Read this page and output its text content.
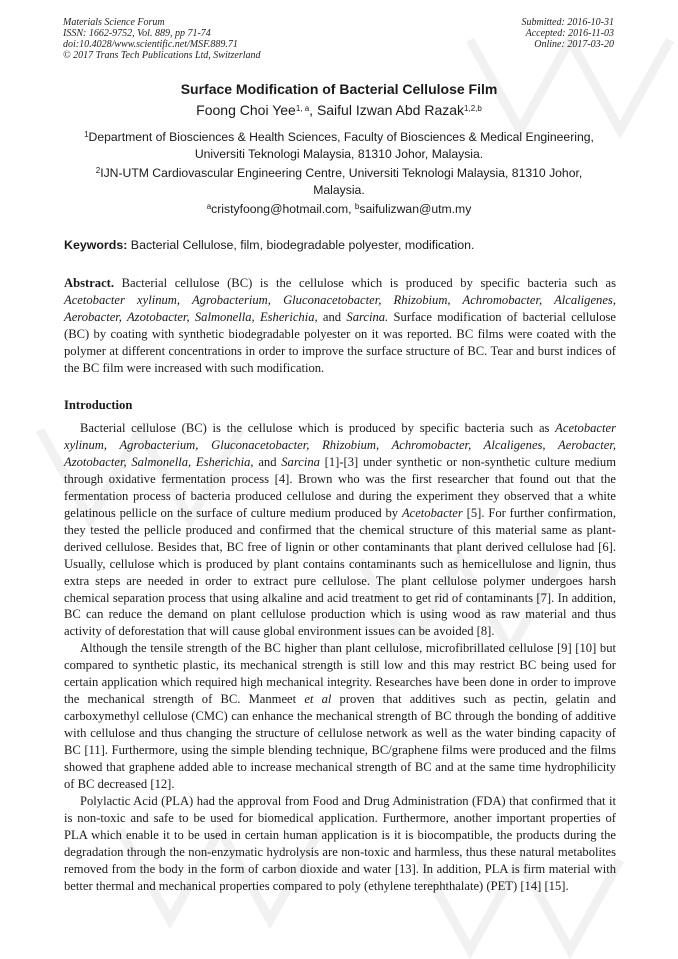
Materials Science Forum
ISSN: 1662-9752, Vol. 889, pp 71-74
doi:10.4028/www.scientific.net/MSF.889.71
© 2017 Trans Tech Publications Ltd, Switzerland
Submitted: 2016-10-31
Accepted: 2016-11-03
Online: 2017-03-20
Surface Modification of Bacterial Cellulose Film
Foong Choi Yee$^{1, a}$, Saiful Izwan Abd Razak$^{1,2,b}$
$^1$Department of Biosciences & Health Sciences, Faculty of Biosciences & Medical Engineering, Universiti Teknologi Malaysia, 81310 Johor, Malaysia.
$^2$IJN-UTM Cardiovascular Engineering Centre, Universiti Teknologi Malaysia, 81310 Johor, Malaysia.
$^a$cristyfoong@hotmail.com, $^b$saifulizwan@utm.my
Keywords: Bacterial Cellulose, film, biodegradable polyester, modification.
Abstract. Bacterial cellulose (BC) is the cellulose which is produced by specific bacteria such as Acetobacter xylinum, Agrobacterium, Gluconacetobacter, Rhizobium, Achromobacter, Alcaligenes, Aerobacter, Azotobacter, Salmonella, Esherichia, and Sarcina. Surface modification of bacterial cellulose (BC) by coating with synthetic biodegradable polyester on it was reported. BC films were coated with the polymer at different concentrations in order to improve the surface structure of BC. Tear and burst indices of the BC film were increased with such modification.
Introduction

Bacterial cellulose (BC) is the cellulose which is produced by specific bacteria such as Acetobacter xylinum, Agrobacterium, Gluconacetobacter, Rhizobium, Achromobacter, Alcaligenes, Aerobacter, Azotobacter, Salmonella, Esherichia, and Sarcina [1]-[3] under synthetic or non-synthetic culture medium through oxidative fermentation process [4]. Brown who was the first researcher that found out that the fermentation process of bacteria produced cellulose and during the experiment they observed that a white gelatinous pellicle on the surface of culture medium produced by Acetobacter [5]. For further confirmation, they tested the pellicle produced and confirmed that the chemical structure of this material same as plant- derived cellulose. Besides that, BC free of lignin or other contaminants that plant derived cellulose had [6]. Usually, cellulose which is produced by plant contains contaminants such as hemicellulose and lignin, thus extra steps are needed in order to extract pure cellulose. The plant cellulose polymer undergoes harsh chemical separation process that using alkaline and acid treatment to get rid of contaminants [7]. In addition, BC can reduce the demand on plant cellulose production which is using wood as raw material and thus activity of deforestation that will cause global environment issues can be avoided [8].

Although the tensile strength of the BC higher than plant cellulose, microfibrillated cellulose [9] [10] but compared to synthetic plastic, its mechanical strength is still low and this may restrict BC being used for certain application which required high mechanical integrity. Researches have been done in order to improve the mechanical strength of BC. Manmeet et al proven that additives such as pectin, gelatin and carboxymethyl cellulose (CMC) can enhance the mechanical strength of BC through the bonding of additive with cellulose and thus changing the structure of cellulose network as well as the water binding capacity of BC [11]. Furthermore, using the simple blending technique, BC/graphene films were produced and the films showed that graphene added able to increase mechanical strength of BC and at the same time hydrophilicity of BC decreased [12].

Polylactic Acid (PLA) had the approval from Food and Drug Administration (FDA) that confirmed that it is non-toxic and safe to be used for biomedical application. Furthermore, another important properties of PLA which enable it to be used in certain human application is it is biocompatible, the products during the degradation through the non-enzymatic hydrolysis are non-toxic and harmless, thus these natural metabolites removed from the body in the form of carbon dioxide and water [13]. In addition, PLA is firm material with better thermal and mechanical properties compared to poly (ethylene terephthalate) (PET) [14] [15].
